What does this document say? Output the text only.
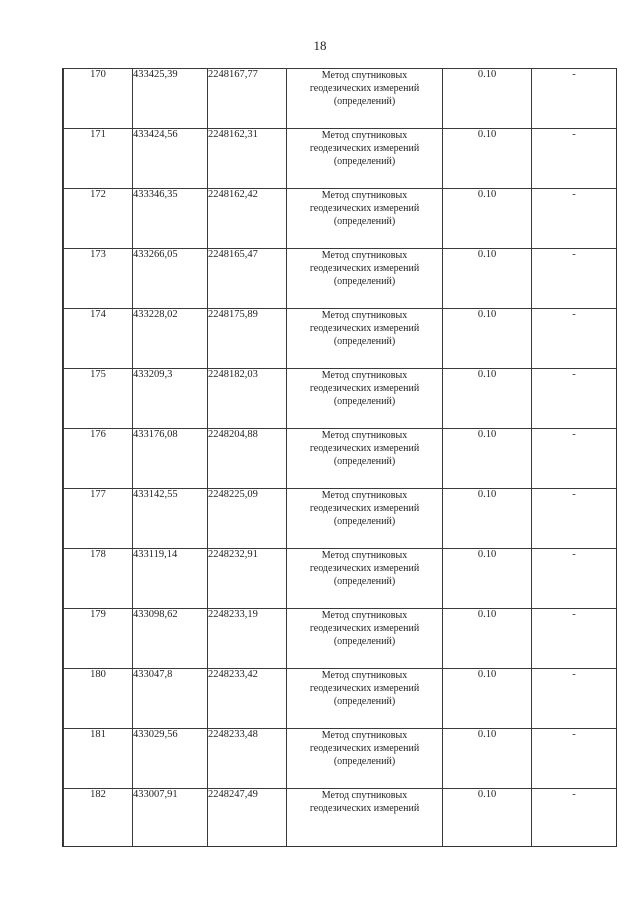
18
170	433425,39	2248167,77	Метод спутниковых
геодезических измерений
(определений)	0.10	-
171	433424,56	2248162,31	Метод спутниковых
геодезических измерений
(определений)	0.10	-
172	433346,35	2248162,42	Метод спутниковых
геодезических измерений
(определений)	0.10	-
173	433266,05	2248165,47	Метод спутниковых
геодезических измерений
(определений)	0.10	-
174	433228,02	2248175,89	Метод спутниковых
геодезических измерений
(определений)	0.10	-
175	433209,3	2248182,03	Метод спутниковых
геодезических измерений
(определений)	0.10	-
176	433176,08	2248204,88	Метод спутниковых
геодезических измерений
(определений)	0.10	-
177	433142,55	2248225,09	Метод спутниковых
геодезических измерений
(определений)	0.10	-
178	433119,14	2248232,91	Метод спутниковых
геодезических измерений
(определений)	0.10	-
179	433098,62	2248233,19	Метод спутниковых
геодезических измерений
(определений)	0.10	-
180	433047,8	2248233,42	Метод спутниковых
геодезических измерений
(определений)	0.10	-
181	433029,56	2248233,48	Метод спутниковых
геодезических измерений
(определений)	0.10	-
182	433007,91	2248247,49	Метод спутниковых
геодезических измерений	0.10	-
